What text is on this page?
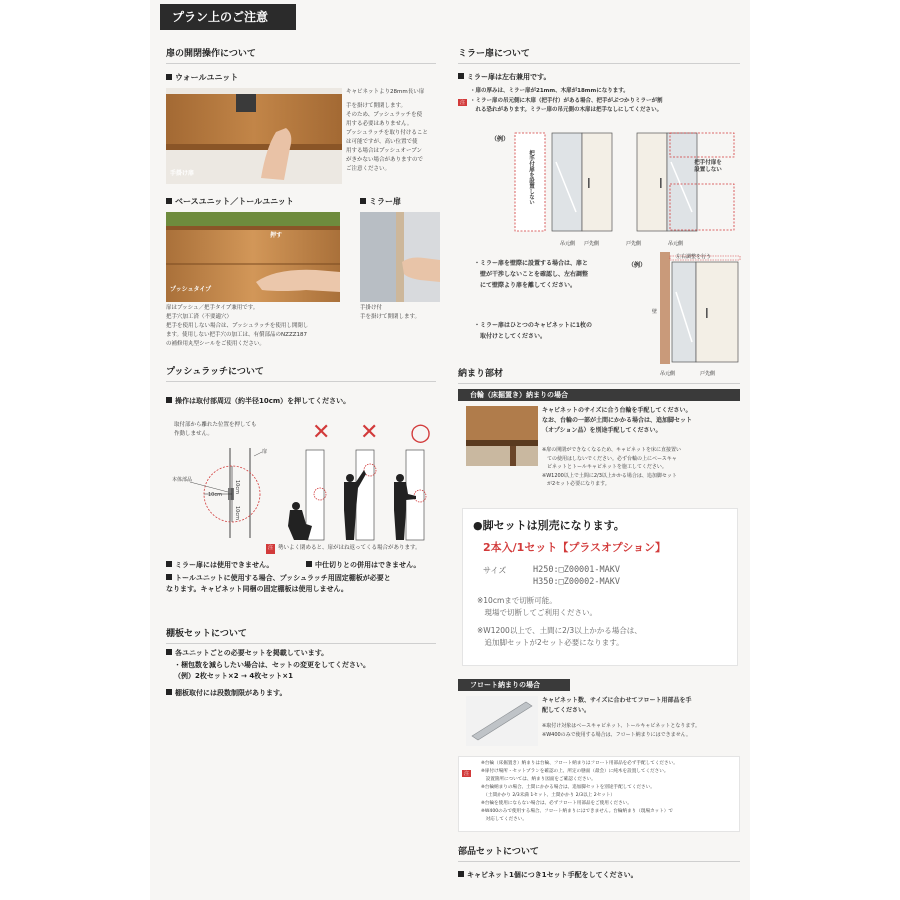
プラン上のご注意
扉の開閉操作について
ウォールユニット
手掛け扉
キャビネットより28mm長い扉
手を掛けて開閉します。
そのため、プッシュラッチを使
用する必要はありません。
プッシュラッチを取り付けること
は可能ですが、高い位置で使
用する場合はプッシュオープン
がきかない場合がありますので
ご注意ください。
ベースユニット／トールユニット	ミラー扉
押す
プッシュタイプ
扉はプッシュ／把手タイプ兼用です。
把手穴加工済（不要適穴）
把手を使用しない場合は、プッシュラッチを使用し開閉し
ます。使用しない把手穴の加工は、有償部品のNZZZ187
の補修用丸型シールをご使用ください。
手掛け付
手を掛けて開閉します。
プッシュラッチについて
操作は取付部周辺（約半径10cm）を押してください。
取付部から離れた位置を押しても
作動しません。
本体部品
扉
10cm
10cm
10cm
✕ ✕ ○
注 勢いよく閉めると、扉がはね返ってくる場合があります。
ミラー扉には使用できません。	中仕切りとの併用はできません。
トールユニットに使用する場合、プッシュラッチ用固定棚板が必要と
なります。キャビネット同梱の固定棚板は使用しません。
棚板セットについて
各ユニットごとの必要セットを掲載しています。
・梱包数を減らしたい場合は、セットの変更をしてください。
（例）2枚セット×2 → 4枚セット×1
棚板取付には段数制限があります。
ミラー扉について
ミラー扉は左右兼用です。
注
・扉の厚みは、ミラー扉が21mm、木扉が18mmになります。
・ミラー扉の吊元側に木扉（把手付）がある場合、把手がぶつかりミラーが割
　れる恐れがあります。ミラー扉の吊元側の木扉は把手なしにしてください。
（例）
把手付扉を設置しない
吊元側 戸先側
把手付扉を
設置しない
戸先側	吊元側
・ミラー扉を壁際に設置する場合は、扉と
　壁が干渉しないことを確認し、左右調整
　にて壁際より扉を離してください。
（例）
左右調整を行う
壁
吊元側	戸先側
・ミラー扉はひとつのキャビネットに1枚の
　取付けとしてください。
納まり部材
台輪（床掘置き）納まりの場合
キャビネットのサイズに合う台輪を手配してください。
なお、台輪の一部が土間にかかる場合は、追加脚セット
（オプション品）を別途手配してください。
※扉の開閉ができなくなるため、キャビネットを床に直接置い
　ての使用はしないでください。必ず台輪の上にベースキャ
　ビネットとトールキャビネットを施工してください。
※W1200以上で土間に2/3以上かかる場合は、追加脚セット
　が2セット必要になります。
●脚セットは別売になります。
2本入/1セット【プラスオプション】
サイズ	H250:□Z00001-MAKV
H350:□Z00002-MAKV
※10cmまで切断可能。
　現場で切断してご利用ください。
※W1200以上で、土間に2/3以上かかる場合は、
　追加脚セットが2セット必要になります。
フロート納まりの場合
キャビネット数、サイズに合わせてフロート用部品を手
配してください。
※取付け対象はベースキャビネット、トールキャビネットとなります。
※W400のみで使用する場合は、フロート納まりにはできません。
注
※台輪（床掘置き）納まりは台輪、フロート納まりはフロート用部品を必ず手配してください。
※扉付け場所・セットプランを確認の上、所定の膳面（最会）に純木を設置してください。
　設置箇所については、納まり図面をご確認ください。
※台輪納まりの場合、土間にかかる場合は、追加脚セットを別途手配してください。
　（土間かかり 2/3未満 1セット、土間かかり 2/3以上 2セット）
※台輪を使用にならない場合は、必ずフロート用部品をご使用ください。
※W400のみで使用する場合、フロート納まりにはできません。台輪納まり（現場カット）で
　対応してください。
部品セットについて
キャビネット1個につき1セット手配をしてください。
